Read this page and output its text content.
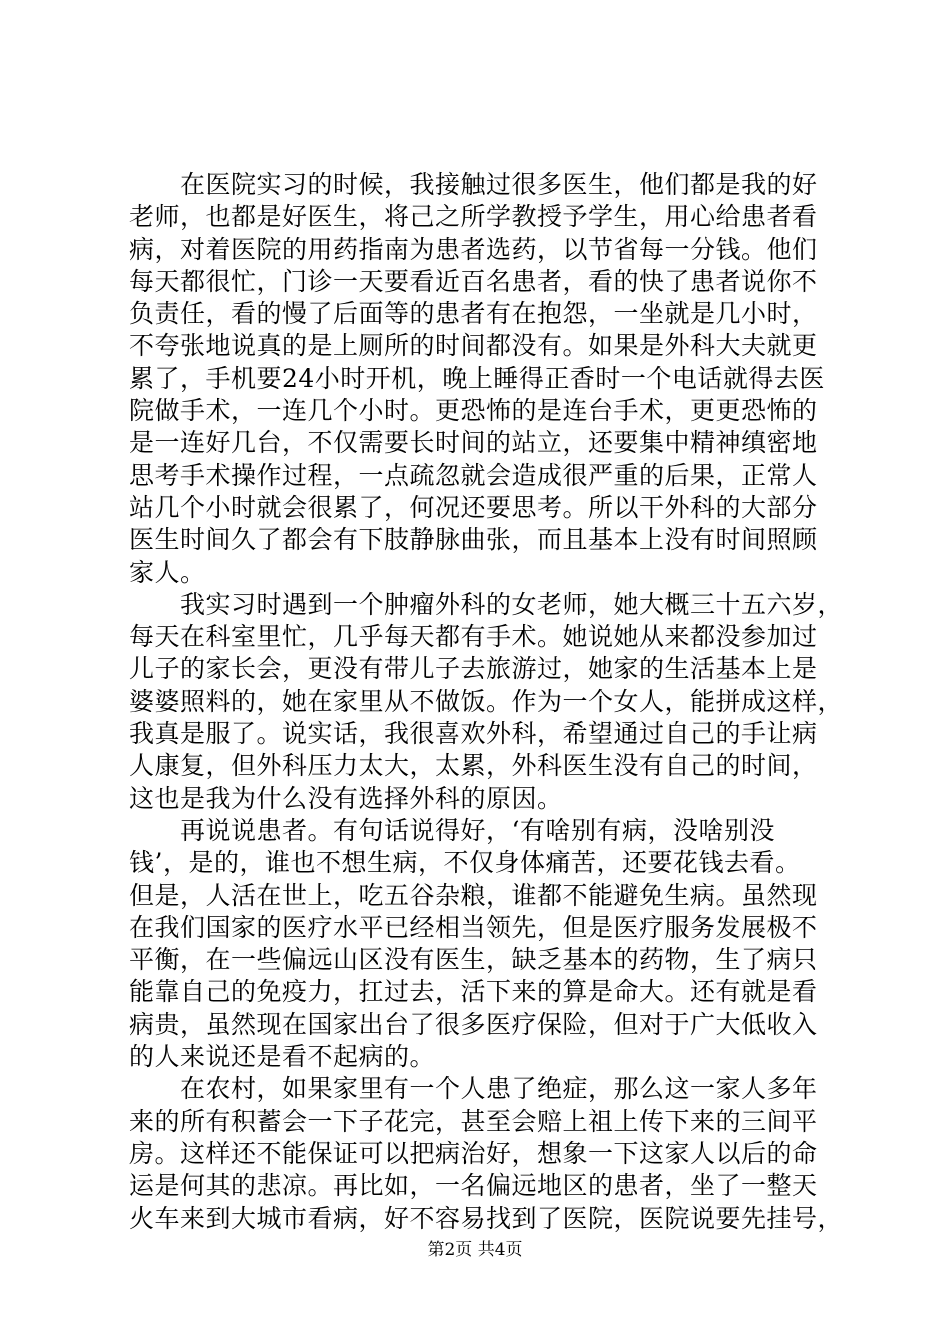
　　在医院实习的时候，我接触过很多医生，他们都是我的好
老师，也都是好医生，将己之所学教授予学生，用心给患者看
病，对着医院的用药指南为患者选药，以节省每一分钱。他们
每天都很忙，门诊一天要看近百名患者，看的快了患者说你不
负责任，看的慢了后面等的患者有在抱怨，一坐就是几小时，
不夸张地说真的是上厕所的时间都没有。如果是外科大夫就更
累了，手机要24小时开机，晚上睡得正香时一个电话就得去医
院做手术，一连几个小时。更恐怖的是连台手术，更更恐怖的
是一连好几台，不仅需要长时间的站立，还要集中精神缜密地
思考手术操作过程，一点疏忽就会造成很严重的后果，正常人
站几个小时就会很累了，何况还要思考。所以干外科的大部分
医生时间久了都会有下肢静脉曲张，而且基本上没有时间照顾
家人。
　　我实习时遇到一个肿瘤外科的女老师，她大概三十五六岁，
每天在科室里忙，几乎每天都有手术。她说她从来都没参加过
儿子的家长会，更没有带儿子去旅游过，她家的生活基本上是
婆婆照料的，她在家里从不做饭。作为一个女人，能拼成这样，
我真是服了。说实话，我很喜欢外科，希望通过自己的手让病
人康复，但外科压力太大，太累，外科医生没有自己的时间，
这也是我为什么没有选择外科的原因。
　　再说说患者。有句话说得好，‘有啥别有病，没啥别没
钱’，是的，谁也不想生病，不仅身体痛苦，还要花钱去看。
但是，人活在世上，吃五谷杂粮，谁都不能避免生病。虽然现
在我们国家的医疗水平已经相当领先，但是医疗服务发展极不
平衡，在一些偏远山区没有医生，缺乏基本的药物，生了病只
能靠自己的免疫力，扛过去，活下来的算是命大。还有就是看
病贵，虽然现在国家出台了很多医疗保险，但对于广大低收入
的人来说还是看不起病的。
　　在农村，如果家里有一个人患了绝症，那么这一家人多年
来的所有积蓄会一下子花完，甚至会赔上祖上传下来的三间平
房。这样还不能保证可以把病治好，想象一下这家人以后的命
运是何其的悲凉。再比如，一名偏远地区的患者，坐了一整天
火车来到大城市看病，好不容易找到了医院，医院说要先挂号，
第2页 共4页
